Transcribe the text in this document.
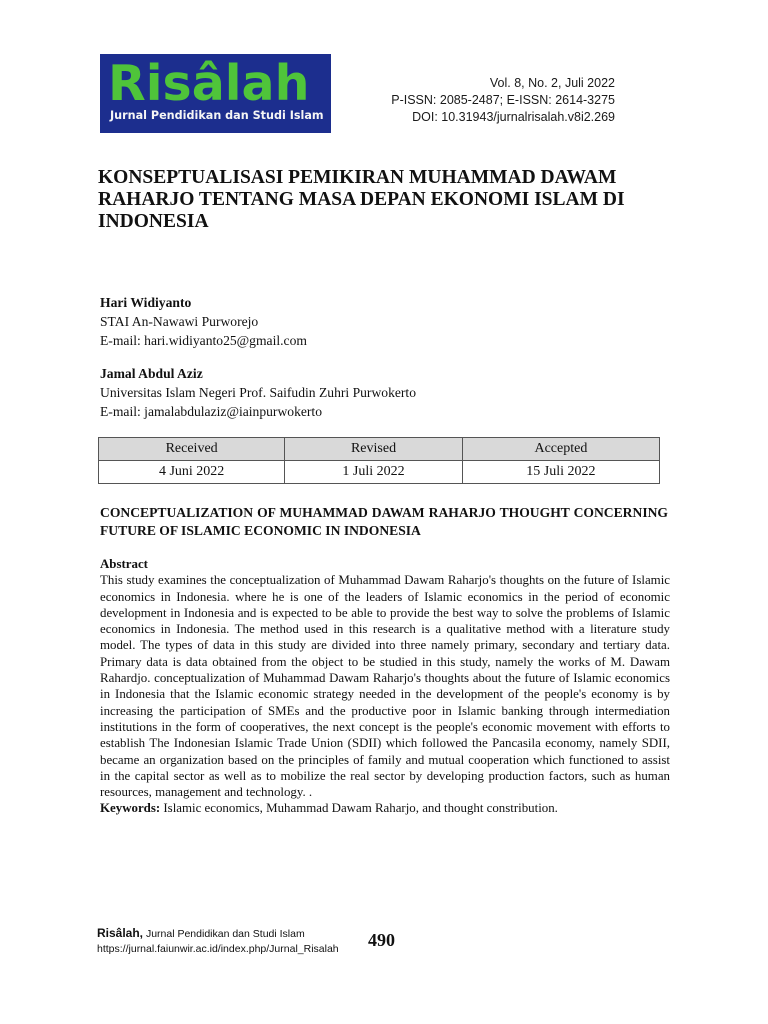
Risâlah
Jurnal Pendidikan dan Studi Islam
Vol. 8, No. 2, Juli 2022
P-ISSN: 2085-2487; E-ISSN: 2614-3275
DOI: 10.31943/jurnalrisalah.v8i2.269
KONSEPTUALISASI PEMIKIRAN MUHAMMAD DAWAM RAHARJO TENTANG MASA DEPAN EKONOMI ISLAM DI INDONESIA
Hari Widiyanto
STAI An-Nawawi Purworejo
E-mail: hari.widiyanto25@gmail.com
Jamal Abdul Aziz
Universitas Islam Negeri Prof. Saifudin Zuhri Purwokerto
E-mail: jamalabdulaziz@iainpurwokerto
Received	Revised	Accepted
4 Juni 2022	1 Juli 2022	15 Juli 2022
CONCEPTUALIZATION OF MUHAMMAD DAWAM RAHARJO THOUGHT CONCERNING FUTURE OF ISLAMIC ECONOMIC IN INDONESIA
Abstract

This study examines the conceptualization of Muhammad Dawam Raharjo's thoughts on the future of Islamic economics in Indonesia. where he is one of the leaders of Islamic economics in the period of economic development in Indonesia and is expected to be able to provide the best way to solve the problems of Islamic economics in Indonesia. The method used in this research is a qualitative method with a literature study model. The types of data in this study are divided into three namely primary, secondary and tertiary data. Primary data is data obtained from the object to be studied in this study, namely the works of M. Dawam Rahardjo. conceptualization of Muhammad Dawam Raharjo's thoughts about the future of Islamic economics in Indonesia that the Islamic economic strategy needed in the development of the people's economy is by increasing the participation of SMEs and the productive poor in Islamic banking through intermediation institutions in the form of cooperatives, the next concept is the people's economic movement with efforts to establish The Indonesian Islamic Trade Union (SDII) which followed the Pancasila economy, namely SDII, became an organization based on the principles of family and mutual cooperation which functioned to assist in the capital sector as well as to mobilize the real sector by developing production factors, such as human resources, management and technology. .

Keywords: Islamic economics, Muhammad Dawam Raharjo, and thought constribution.

Risâlah, Jurnal Pendidikan dan Studi Islam
https://jurnal.faiunwir.ac.id/index.php/Jurnal_Risalah 490
